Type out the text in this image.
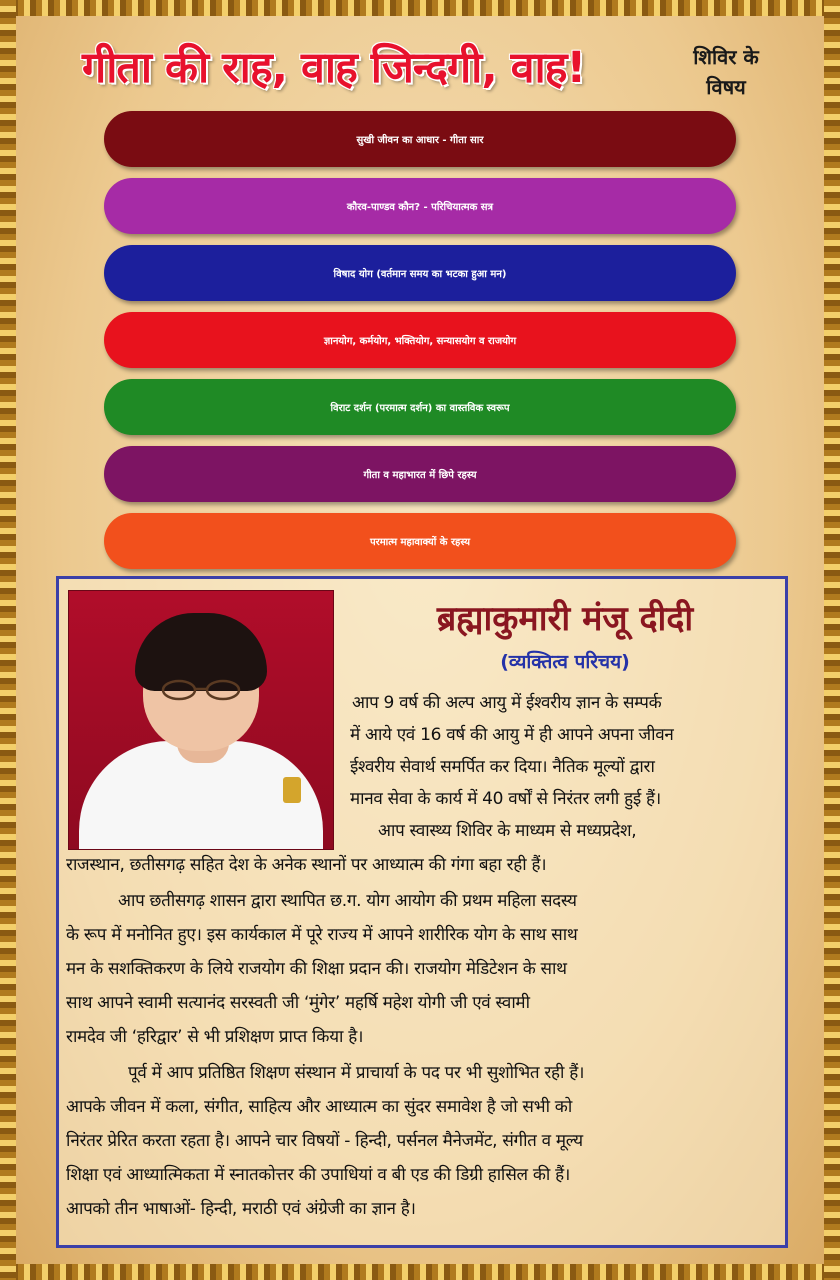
गीता की राह, वाह जिन्दगी, वाह!	शिविर के
विषय
सुखी जीवन का आधार - गीता सार
कौरव-पाण्डव कौन? - परिचियात्मक सत्र
विषाद योग (वर्तमान समय का भटका हुआ मन)
ज्ञानयोग, कर्मयोग, भक्तियोग, सन्यासयोग व राजयोग
विराट दर्शन (परमात्म दर्शन) का वास्तविक स्वरूप
गीता व महाभारत में छिपे रहस्य
परमात्म महावाक्यों के रहस्य
ब्रह्माकुमारी मंजू दीदी
(व्यक्तित्व परिचय)
आप 9 वर्ष की अल्प आयु में ईश्वरीय ज्ञान के सम्पर्क
में आये एवं 16 वर्ष की आयु में ही आपने अपना जीवन
ईश्वरीय सेवार्थ समर्पित कर दिया। नैतिक मूल्यों द्वारा
मानव सेवा के कार्य में 40 वर्षों से निरंतर लगी हुई हैं।
आप स्वास्थ्य शिविर के माध्यम से मध्यप्रदेश,
राजस्थान, छतीसगढ़ सहित देश के अनेक स्थानों पर आध्यात्म की गंगा बहा रही हैं।
आप छतीसगढ़ शासन द्वारा स्थापित छ.ग. योग आयोग की प्रथम महिला सदस्य
के रूप में मनोनित हुए। इस कार्यकाल में पूरे राज्य में आपने शारीरिक योग के साथ साथ
मन के सशक्तिकरण के लिये राजयोग की शिक्षा प्रदान की। राजयोग मेडिटेशन के साथ
साथ आपने स्वामी सत्यानंद सरस्वती जी ‘मुंगेर’ महर्षि महेश योगी जी एवं स्वामी
रामदेव जी ‘हरिद्वार’ से भी प्रशिक्षण प्राप्त किया है।
पूर्व में आप प्रतिष्ठित शिक्षण संस्थान में प्राचार्या के पद पर भी सुशोभित रही हैं।
आपके जीवन में कला, संगीत, साहित्य और आध्यात्म का सुंदर समावेश है जो सभी को
निरंतर प्रेरित करता रहता है। आपने चार विषयों - हिन्दी, पर्सनल मैनेजमेंट, संगीत व मूल्य
शिक्षा एवं आध्यात्मिकता में स्नातकोत्तर की उपाधियां व बी एड की डिग्री हासिल की हैं।
आपको तीन भाषाओं- हिन्दी, मराठी एवं अंग्रेजी का ज्ञान है।
